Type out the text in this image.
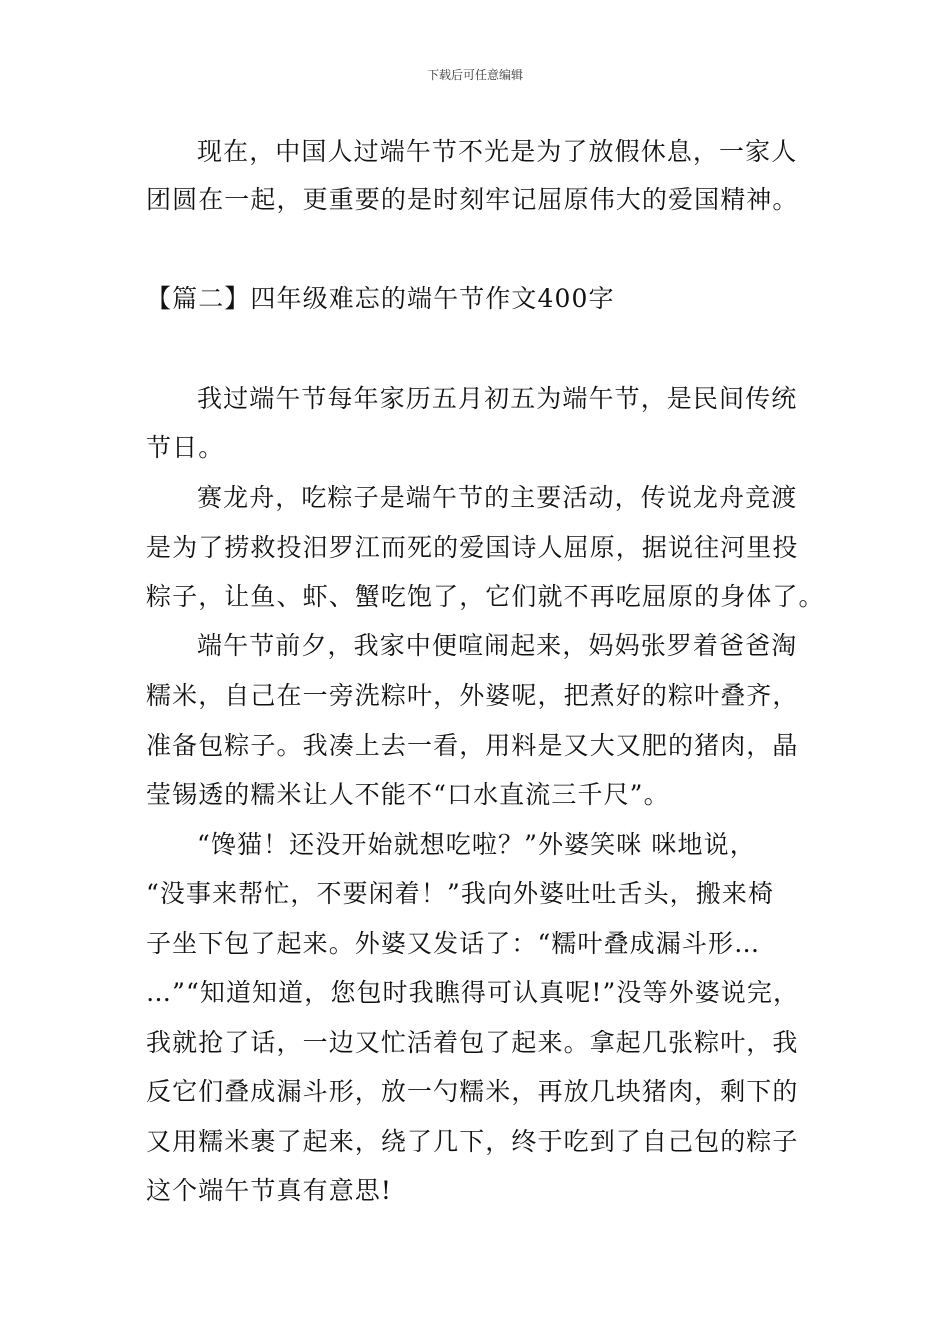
下载后可任意编辑
现在，中国人过端午节不光是为了放假休息，一家人
团圆在一起，更重要的是时刻牢记屈原伟大的爱国精神。
【篇二】四年级难忘的端午节作文400字
我过端午节每年家历五月初五为端午节，是民间传统
节日。
赛龙舟，吃粽子是端午节的主要活动，传说龙舟竞渡
是为了捞救投汨罗江而死的爱国诗人屈原，据说往河里投
粽子，让鱼、虾、蟹吃饱了，它们就不再吃屈原的身体了。
端午节前夕，我家中便喧闹起来，妈妈张罗着爸爸淘
糯米，自己在一旁洗粽叶，外婆呢，把煮好的粽叶叠齐，
准备包粽子。我凑上去一看，用料是又大又肥的猪肉，晶
莹锡透的糯米让人不能不“口水直流三千尺”。
“馋猫！还没开始就想吃啦？”外婆笑咪 咪地说，
“没事来帮忙，不要闲着！”我向外婆吐吐舌头，搬来椅
子坐下包了起来。外婆又发话了：“糯叶叠成漏斗形…
…”“知道知道，您包时我瞧得可认真呢!”没等外婆说完，
我就抢了话，一边又忙活着包了起来。拿起几张粽叶，我
反它们叠成漏斗形，放一勺糯米，再放几块猪肉，剩下的
又用糯米裹了起来，绕了几下，终于吃到了自己包的粽子
这个端午节真有意思!
